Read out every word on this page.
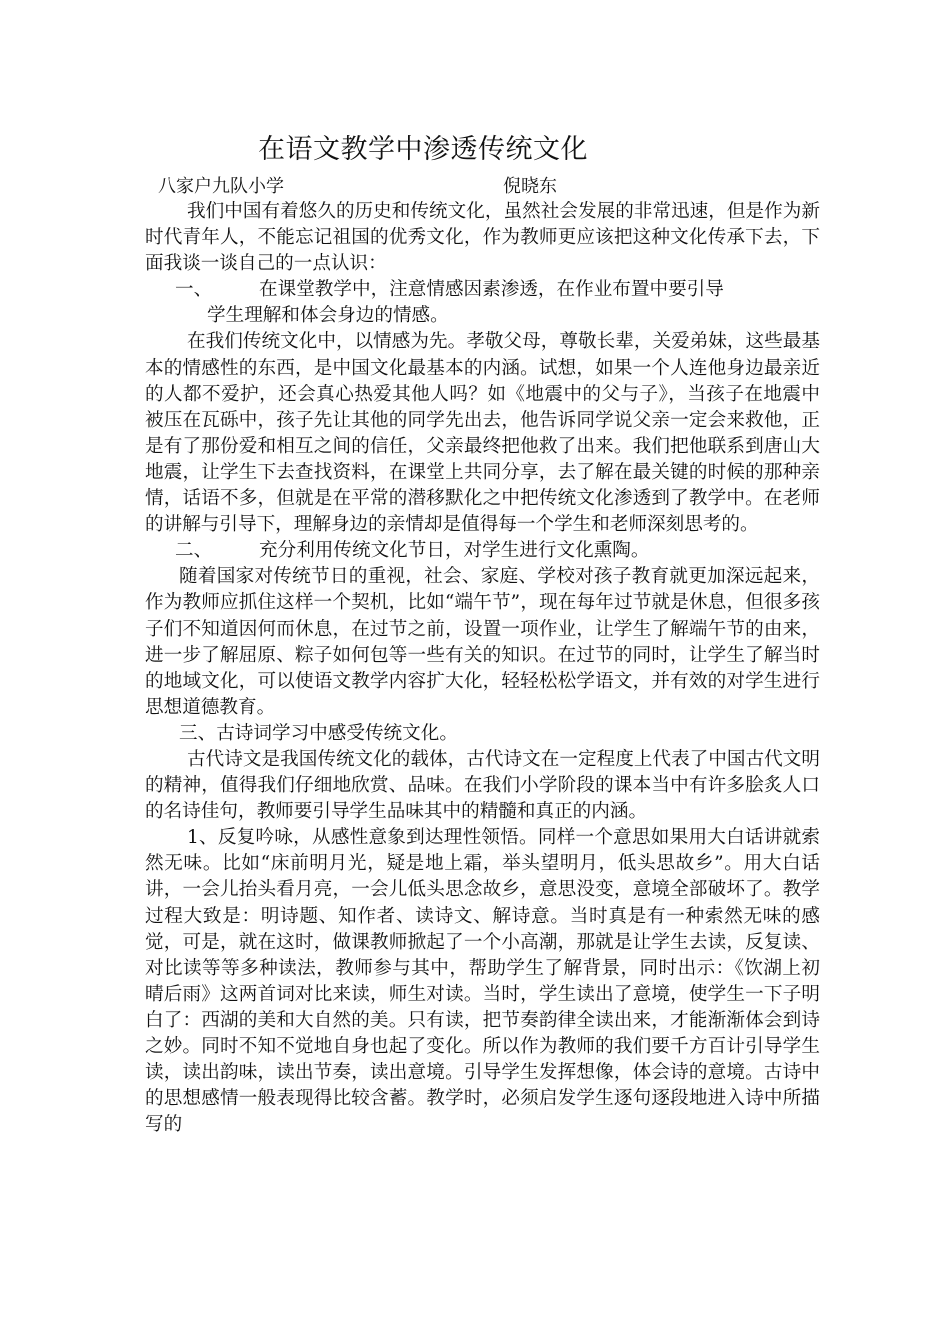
在语文教学中渗透传统文化
八家户九队小学	倪晓东

我们中国有着悠久的历史和传统文化，虽然社会发展的非常迅速，但是作为新时代青年人，不能忘记祖国的优秀文化，作为教师更应该把这种文化传承下去，下面我谈一谈自己的一点认识：

一、	在课堂教学中，注意情感因素渗透，在作业布置中要引导
学生理解和体会身边的情感。

在我们传统文化中，以情感为先。孝敬父母，尊敬长辈，关爱弟妹，这些最基本的情感性的东西，是中国文化最基本的内涵。试想，如果一个人连他身边最亲近的人都不爱护，还会真心热爱其他人吗？如《地震中的父与子》，当孩子在地震中被压在瓦砾中，孩子先让其他的同学先出去，他告诉同学说父亲一定会来救他，正是有了那份爱和相互之间的信任，父亲最终把他救了出来。我们把他联系到唐山大地震，让学生下去查找资料，在课堂上共同分享，去了解在最关键的时候的那种亲情，话语不多，但就是在平常的潜移默化之中把传统文化渗透到了教学中。在老师的讲解与引导下，理解身边的亲情却是值得每一个学生和老师深刻思考的。

二、	充分利用传统文化节日，对学生进行文化熏陶。

随着国家对传统节日的重视，社会、家庭、学校对孩子教育就更加深远起来，作为教师应抓住这样一个契机，比如“端午节”，现在每年过节就是休息，但很多孩子们不知道因何而休息，在过节之前，设置一项作业，让学生了解端午节的由来，进一步了解屈原、粽子如何包等一些有关的知识。在过节的同时，让学生了解当时的地域文化，可以使语文教学内容扩大化，轻轻松松学语文，并有效的对学生进行思想道德教育。

三、古诗词学习中感受传统文化。

古代诗文是我国传统文化的载体，古代诗文在一定程度上代表了中国古代文明的精神，值得我们仔细地欣赏、品味。在我们小学阶段的课本当中有许多脍炙人口的名诗佳句，教师要引导学生品味其中的精髓和真正的内涵。

1、反复吟咏，从感性意象到达理性领悟。同样一个意思如果用大白话讲就索然无味。比如“床前明月光，疑是地上霜，举头望明月，低头思故乡”。用大白话讲，一会儿抬头看月亮，一会儿低头思念故乡，意思没变，意境全部破坏了。教学过程大致是：明诗题、知作者、读诗文、解诗意。当时真是有一种索然无味的感觉，可是，就在这时，做课教师掀起了一个小高潮，那就是让学生去读，反复读、对比读等等多种读法，教师参与其中，帮助学生了解背景，同时出示：《饮湖上初晴后雨》这两首词对比来读，师生对读。当时，学生读出了意境，使学生一下子明白了：西湖的美和大自然的美。只有读，把节奏韵律全读出来，才能渐渐体会到诗之妙。同时不知不觉地自身也起了变化。所以作为教师的我们要千方百计引导学生读，读出韵味，读出节奏，读出意境。引导学生发挥想像，体会诗的意境。古诗中的思想感情一般表现得比较含蓄。教学时，必须启发学生逐句逐段地进入诗中所描写的
